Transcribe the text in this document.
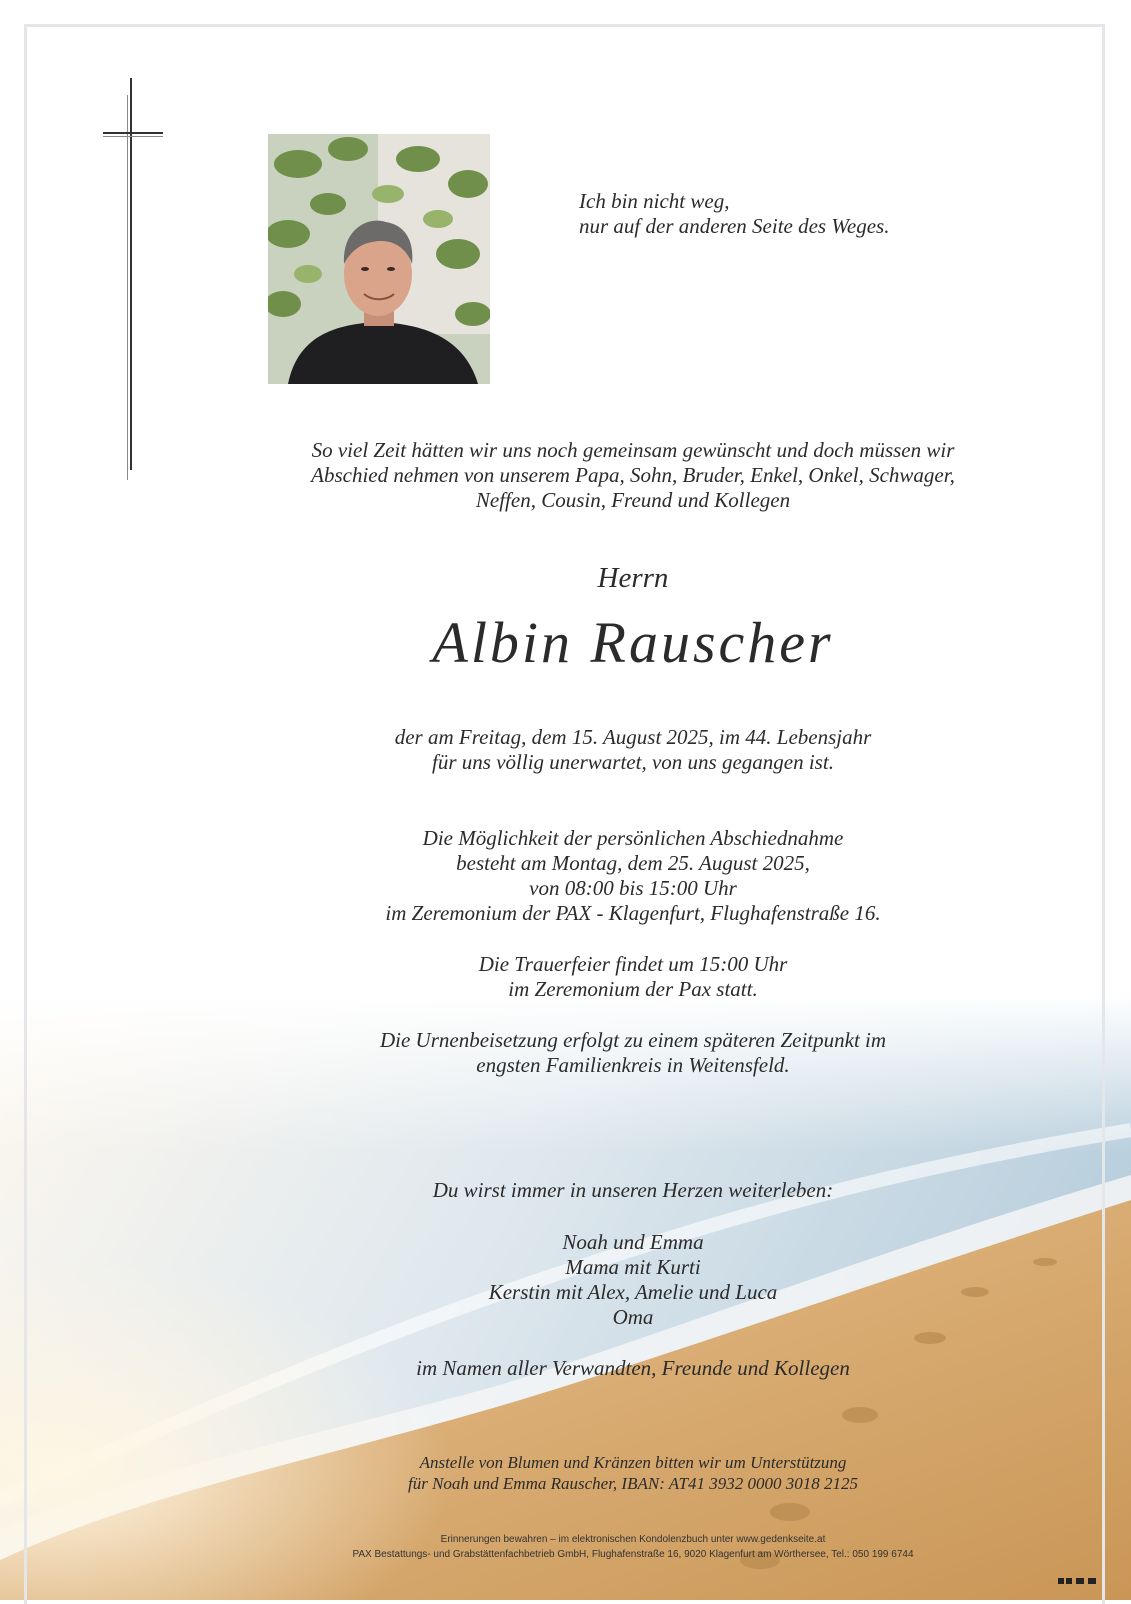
Ich bin nicht weg,
nur auf der anderen Seite des Weges.
So viel Zeit hätten wir uns noch gemeinsam gewünscht und doch müssen wir
Abschied nehmen von unserem Papa, Sohn, Bruder, Enkel, Onkel, Schwager,
Neffen, Cousin, Freund und Kollegen
Herrn
Albin Rauscher
der am Freitag, dem 15. August 2025, im 44. Lebensjahr
für uns völlig unerwartet, von uns gegangen ist.
Die Möglichkeit der persönlichen Abschiednahme
besteht am Montag, dem 25. August 2025,
von 08:00 bis 15:00 Uhr
im Zeremonium der PAX - Klagenfurt, Flughafenstraße 16.
Die Trauerfeier findet um 15:00 Uhr
im Zeremonium der Pax statt.
Die Urnenbeisetzung erfolgt zu einem späteren Zeitpunkt im
engsten Familienkreis in Weitensfeld.
Du wirst immer in unseren Herzen weiterleben:
Noah und Emma
Mama mit Kurti
Kerstin mit Alex, Amelie und Luca
Oma
im Namen aller Verwandten, Freunde und Kollegen
Anstelle von Blumen und Kränzen bitten wir um Unterstützung
für Noah und Emma Rauscher, IBAN: AT41 3932 0000 3018 2125
Erinnerungen bewahren – im elektronischen Kondolenzbuch unter www.gedenkseite.at
PAX Bestattungs- und Grabstättenfachbetrieb GmbH, Flughafenstraße 16, 9020 Klagenfurt am Wörthersee, Tel.: 050 199 6744
